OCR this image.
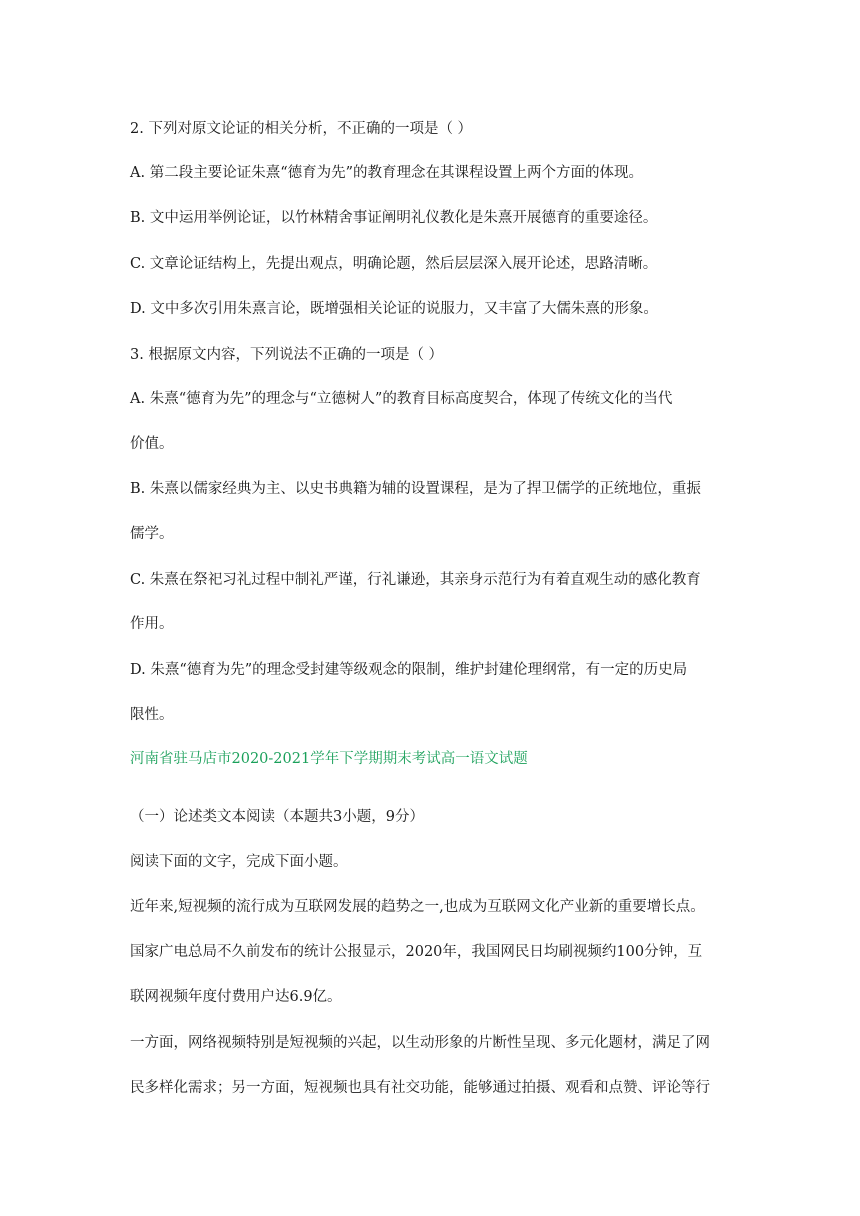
2. 下列对原文论证的相关分析，不正确的一项是（ ）
A. 第二段主要论证朱熹“德育为先”的教育理念在其课程设置上两个方面的体现。
B. 文中运用举例论证，以竹林精舍事证阐明礼仪教化是朱熹开展德育的重要途径。
C. 文章论证结构上，先提出观点，明确论题，然后层层深入展开论述，思路清晰。
D. 文中多次引用朱熹言论，既增强相关论证的说服力，又丰富了大儒朱熹的形象。
3. 根据原文内容，下列说法不正确的一项是（ ）
A. 朱熹“德育为先”的理念与“立德树人”的教育目标高度契合，体现了传统文化的当代
价值。
B. 朱熹以儒家经典为主、以史书典籍为辅的设置课程，是为了捍卫儒学的正统地位，重振
儒学。
C. 朱熹在祭祀习礼过程中制礼严谨，行礼谦逊，其亲身示范行为有着直观生动的感化教育
作用。
D. 朱熹“德育为先”的理念受封建等级观念的限制，维护封建伦理纲常，有一定的历史局
限性。
河南省驻马店市2020-2021学年下学期期末考试高一语文试题
（一）论述类文本阅读（本题共3小题，9分）
阅读下面的文字，完成下面小题。
近年来,短视频的流行成为互联网发展的趋势之一,也成为互联网文化产业新的重要增长点。
国家广电总局不久前发布的统计公报显示，2020年，我国网民日均刷视频约100分钟，互
联网视频年度付费用户达6.9亿。
一方面，网络视频特别是短视频的兴起，以生动形象的片断性呈现、多元化题材，满足了网
民多样化需求；另一方面，短视频也具有社交功能，能够通过拍摄、观看和点赞、评论等行
